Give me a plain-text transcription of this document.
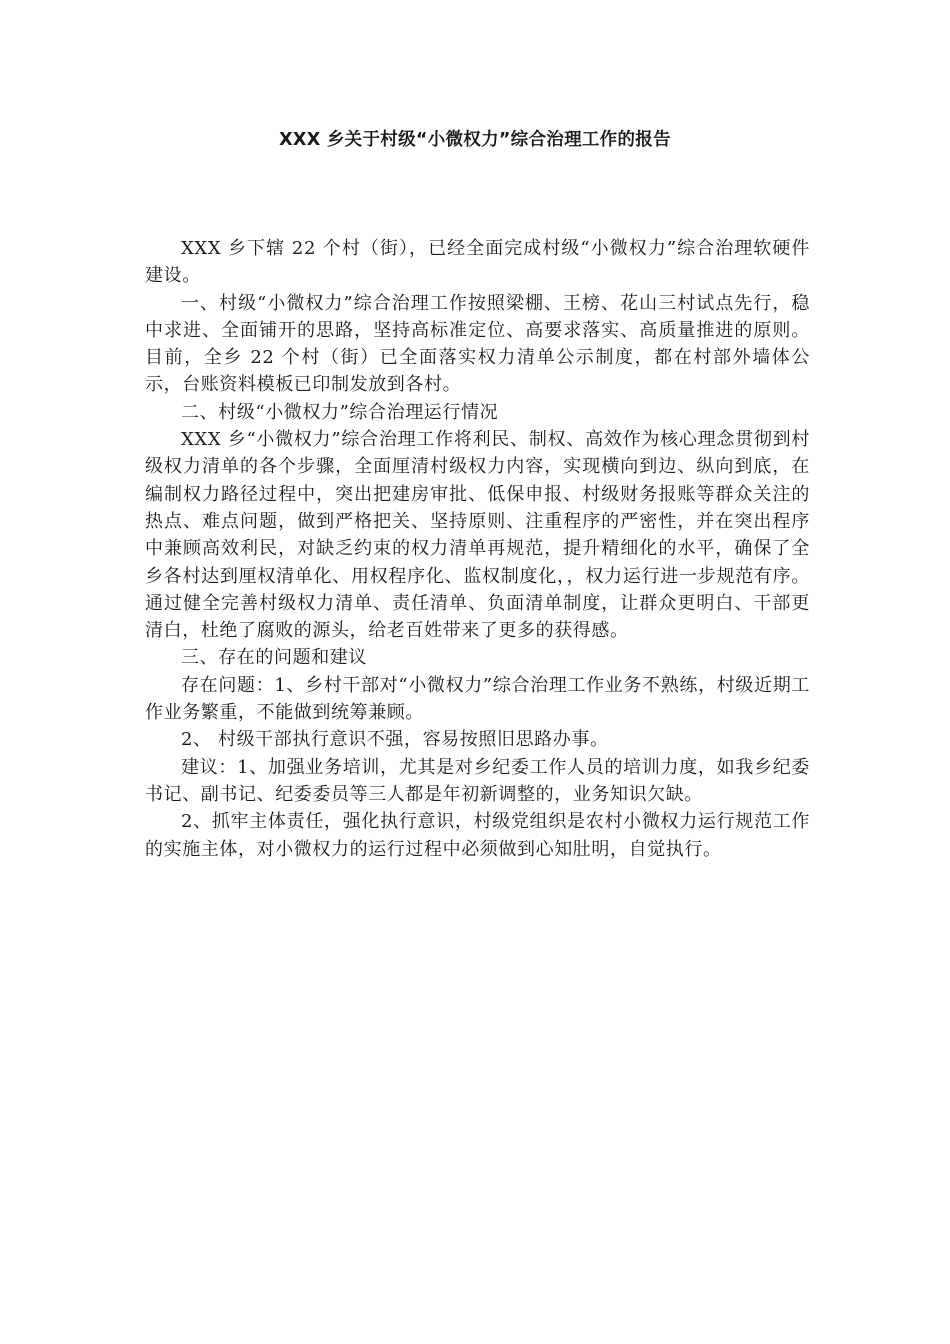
XXX 乡关于村级“小微权力”综合治理工作的报告

XXX 乡下辖 22 个村（街），已经全面完成村级“小微权力”综合治理软硬件建设。

一、村级“小微权力”综合治理工作按照梁棚、王榜、花山三村试点先行，稳中求进、全面铺开的思路，坚持高标准定位、高要求落实、高质量推进的原则。目前，全乡 22 个村（街）已全面落实权力清单公示制度，都在村部外墙体公示，台账资料模板已印制发放到各村。

二、村级“小微权力”综合治理运行情况

XXX 乡“小微权力”综合治理工作将利民、制权、高效作为核心理念贯彻到村级权力清单的各个步骤，全面厘清村级权力内容，实现横向到边、纵向到底，在编制权力路径过程中，突出把建房审批、低保申报、村级财务报账等群众关注的热点、难点问题，做到严格把关、坚持原则、注重程序的严密性，并在突出程序中兼顾高效利民，对缺乏约束的权力清单再规范，提升精细化的水平，确保了全乡各村达到厘权清单化、用权程序化、监权制度化，，权力运行进一步规范有序。通过健全完善村级权力清单、责任清单、负面清单制度，让群众更明白、干部更清白，杜绝了腐败的源头，给老百姓带来了更多的获得感。

三、存在的问题和建议

存在问题：1、乡村干部对“小微权力”综合治理工作业务不熟练，村级近期工作业务繁重，不能做到统筹兼顾。

2、 村级干部执行意识不强，容易按照旧思路办事。

建议：1、加强业务培训，尤其是对乡纪委工作人员的培训力度，如我乡纪委书记、副书记、纪委委员等三人都是年初新调整的，业务知识欠缺。

2、抓牢主体责任，强化执行意识，村级党组织是农村小微权力运行规范工作的实施主体，对小微权力的运行过程中必须做到心知肚明，自觉执行。
